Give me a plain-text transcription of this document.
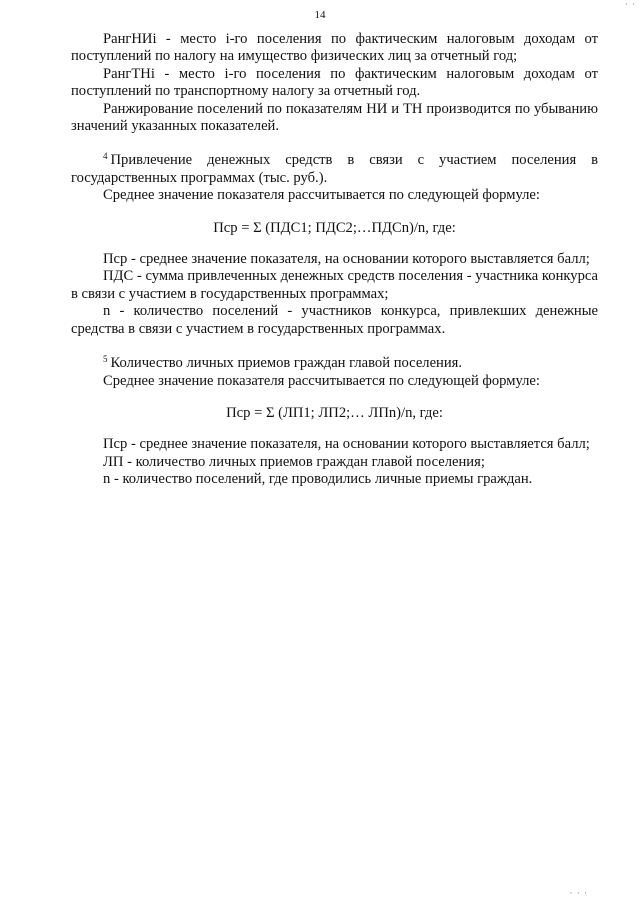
· ·
14

РангНИi - место i-го поселения по фактическим налоговым доходам от поступлений по налогу на имущество физических лиц за отчетный год;

РангТНi - место i-го поселения по фактическим налоговым доходам от поступлений по транспортному налогу за отчетный год.

Ранжирование поселений по показателям НИ и ТН производится по убыванию значений указанных показателей.

$^4$ Привлечение денежных средств в связи с участием поселения в государственных программах (тыс. руб.).

Среднее значение показателя рассчитывается по следующей формуле:

Пср = Σ (ПДС1; ПДС2;…ПДСn)/n, где:

Пср - среднее значение показателя, на основании которого выставляется балл;

ПДС - сумма привлеченных денежных средств поселения - участника конкурса в связи с участием в государственных программах;

n - количество поселений - участников конкурса, привлекших денежные средства в связи с участием в государственных программах.

$^5$ Количество личных приемов граждан главой поселения.

Среднее значение показателя рассчитывается по следующей формуле:

Пср = Σ (ЛП1; ЛП2;… ЛПn)/n, где:

Пср - среднее значение показателя, на основании которого выставляется балл;

ЛП - количество личных приемов граждан главой поселения;

n - количество поселений, где проводились личные приемы граждан.

· · ·
